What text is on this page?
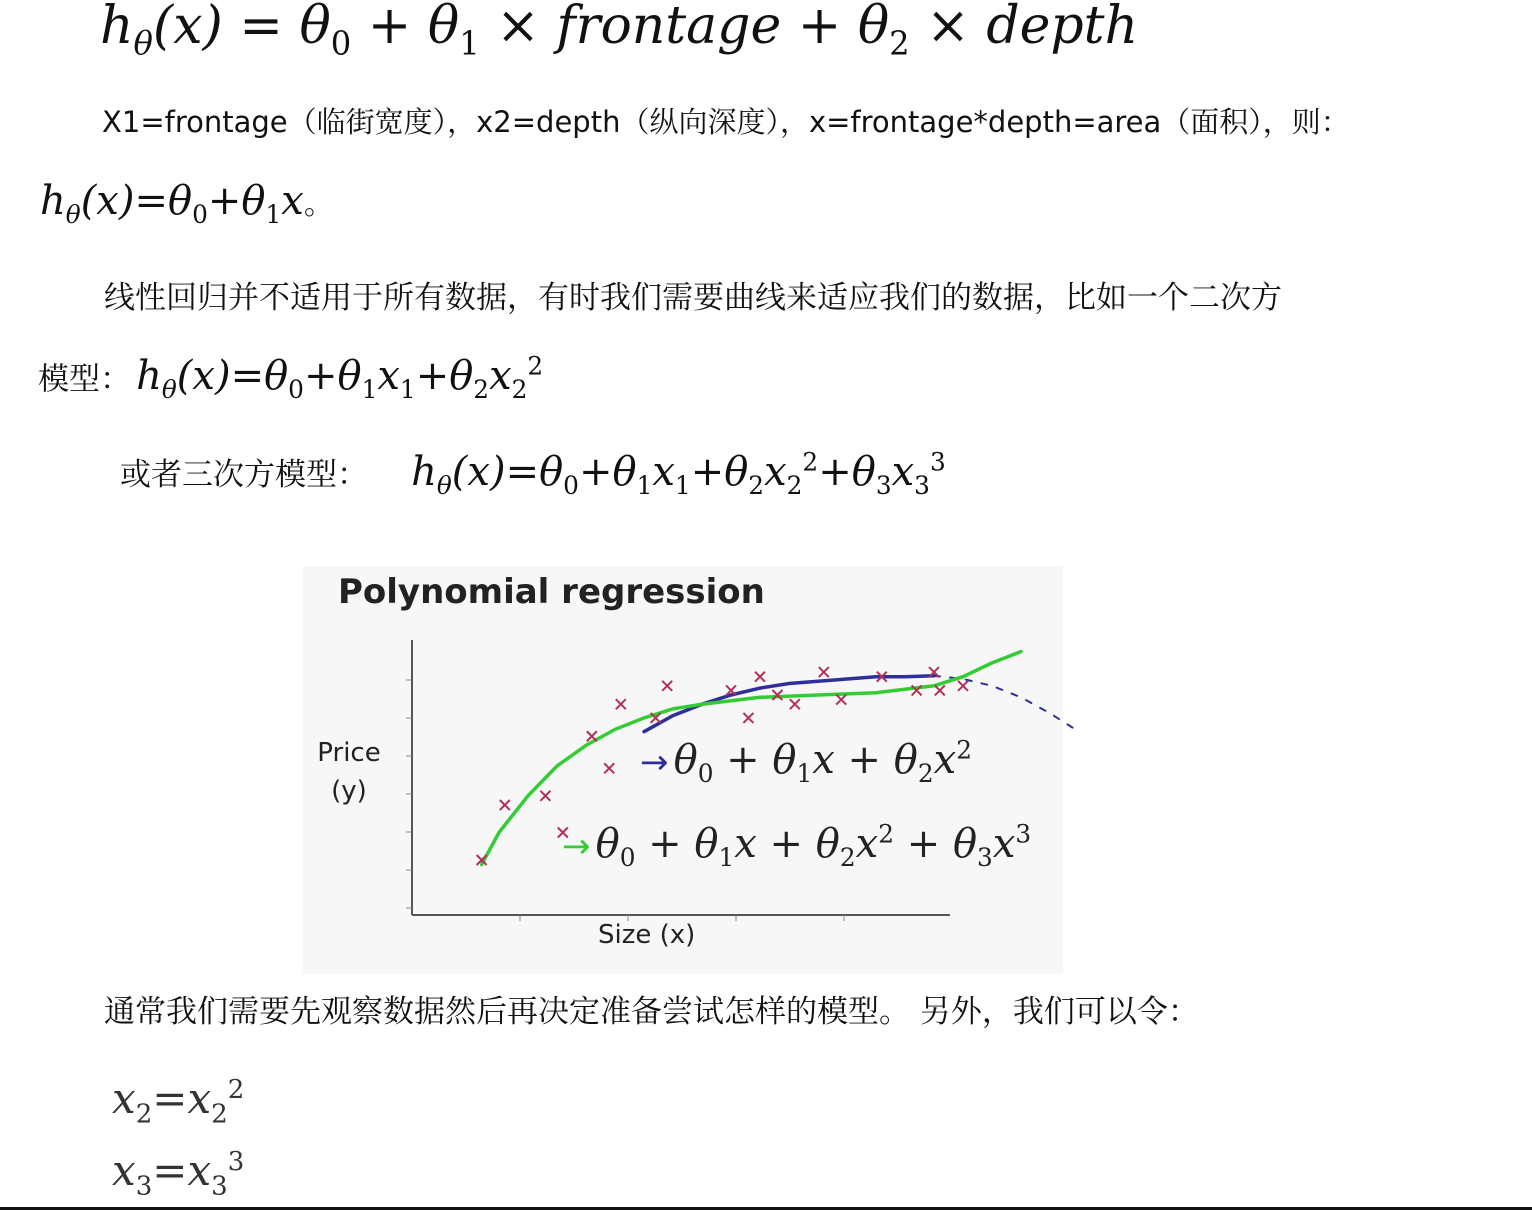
$h_\theta(x) = \theta_0 + \theta_1$ × frontage + $\theta_2$ × depth
X1=frontage（临街宽度），x2=depth（纵向深度），x=frontage*depth=area（面积），则：
$h_\theta(x)=\theta_0+\theta_1x$。
线性回归并不适用于所有数据，有时我们需要曲线来适应我们的数据，比如一个二次方
模型： $h_\theta(x)=\theta_0+\theta_1x_1+\theta_2x_2^2$
或者三次方模型： $h_\theta(x)=\theta_0+\theta_1x_1+\theta_2x_2^2+\theta_3x_3^3$
Polynomial regression
Price
(y)
Size (x)
→ $\theta_0 + \theta_1x + \theta_2x^2$
→ $\theta_0 + \theta_1x + \theta_2x^2 + \theta_3x^3$
通常我们需要先观察数据然后再决定准备尝试怎样的模型。 另外，我们可以令：
$x_2=x_2^2$
$x_3=x_3^3$
